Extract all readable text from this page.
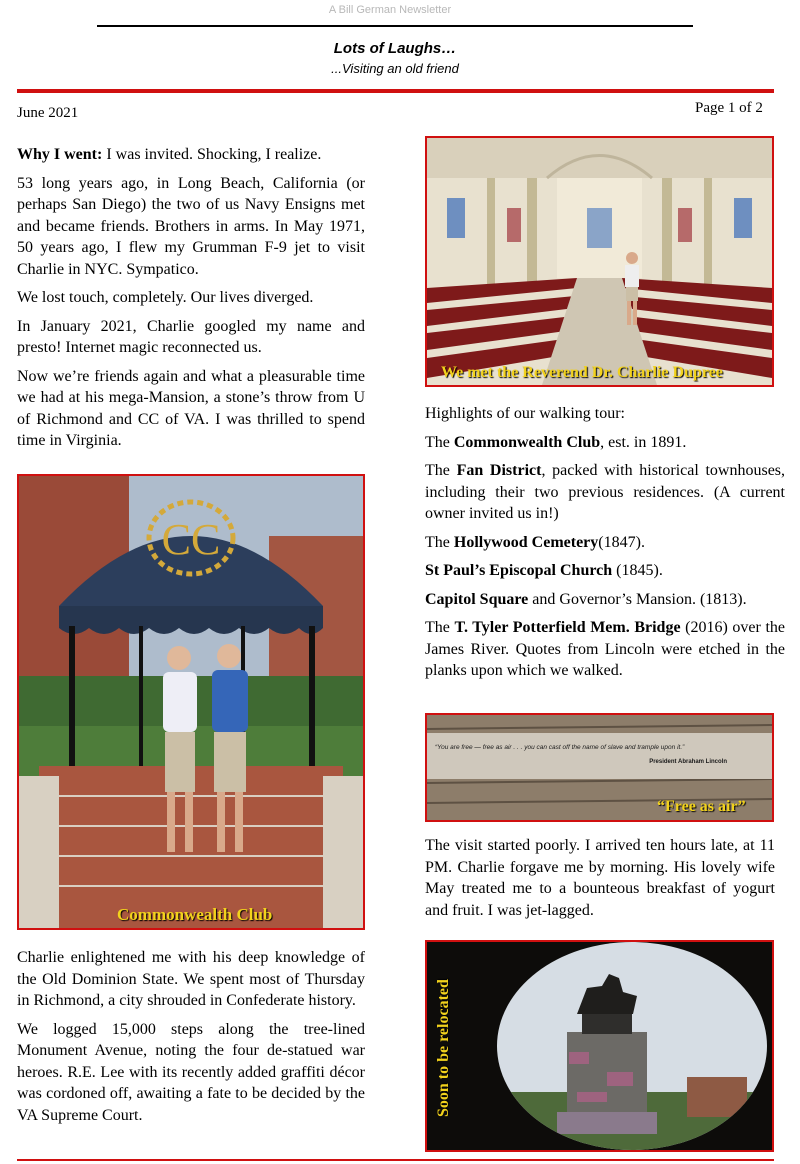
A Bill German Newsletter
Lots of Laughs…
...Visiting an old friend
June 2021	Page 1 of 2

Why I went: I was invited. Shocking, I realize.

53 long years ago, in Long Beach, California (or perhaps San Diego) the two of us Navy Ensigns met and became friends. Brothers in arms. In May 1971, 50 years ago, I flew my Grumman F-9 jet to visit Charlie in NYC. Sympatico.

We lost touch, completely. Our lives diverged.

In January 2021, Charlie googled my name and presto! Internet magic reconnected us.

Now we’re friends again and what a pleasurable time we had at his mega-Mansion, a stone’s throw from U of Richmond and CC of VA. I was thrilled to spend time in Virginia.

CC
Commonwealth Club

Charlie enlightened me with his deep knowledge of the Old Dominion State. We spent most of Thursday in Richmond, a city shrouded in Confederate history.

We logged 15,000 steps along the tree-lined Monument Avenue, noting the four de-statued war heroes. R.E. Lee with its recently added graffiti décor was cordoned off, awaiting a fate to be decided by the VA Supreme Court.

We met the Reverend Dr. Charlie Dupree

Highlights of our walking tour:

The Commonwealth Club, est. in 1891.

The Fan District, packed with historical townhouses, including their two previous residences. (A current owner invited us in!)

The Hollywood Cemetery(1847).

St Paul’s Episcopal Church (1845).

Capitol Square and Governor’s Mansion. (1813).

The T. Tyler Potterfield Mem. Bridge (2016) over the James River. Quotes from Lincoln were etched in the planks upon which we walked.

“You are free — free as air . . . you can cast off the name of slave and trample upon it.”
President Abraham Lincoln
“Free as air”

The visit started poorly. I arrived ten hours late, at 11 PM. Charlie forgave me by morning. His lovely wife May treated me to a bounteous breakfast of yogurt and fruit. I was jet-lagged.

Soon to be relocated
